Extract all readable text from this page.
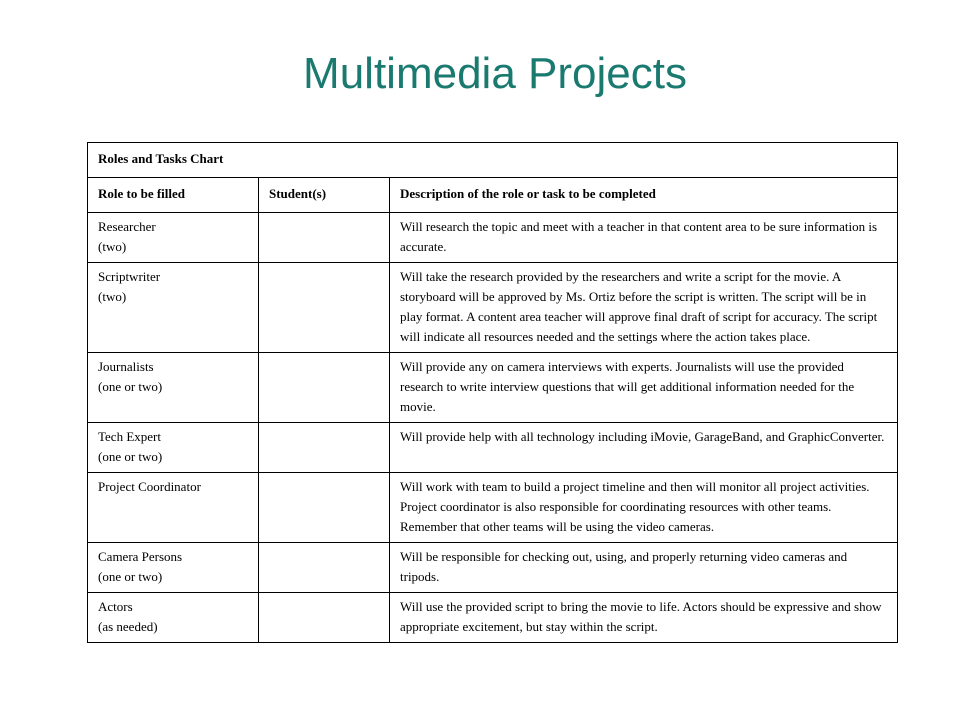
Multimedia Projects
Roles and Tasks Chart		
Role to be filled	Student(s)	Description of the role or task to be completed

Researcher
(two)		Will research the topic and meet with a teacher in that content area to be sure information is accurate.

Scriptwriter
(two)		Will take the research provided by the researchers and write a script for the movie. A storyboard will be approved by Ms. Ortiz before the script is written. The script will be in play format. A content area teacher will approve final draft of script for accuracy. The script will indicate all resources needed and the settings where the action takes place.

Journalists
(one or two)		Will provide any on camera interviews with experts. Journalists will use the provided research to write interview questions that will get additional information needed for the movie.

Tech Expert
(one or two)		Will provide help with all technology including iMovie, GarageBand, and GraphicConverter.

Project Coordinator		Will work with team to build a project timeline and then will monitor all project activities. Project coordinator is also responsible for coordinating resources with other teams. Remember that other teams will be using the video cameras.

Camera Persons
(one or two)		Will be responsible for checking out, using, and properly returning video cameras and tripods.

Actors
(as needed)		Will use the provided script to bring the movie to life. Actors should be expressive and show appropriate excitement, but stay within the script.
